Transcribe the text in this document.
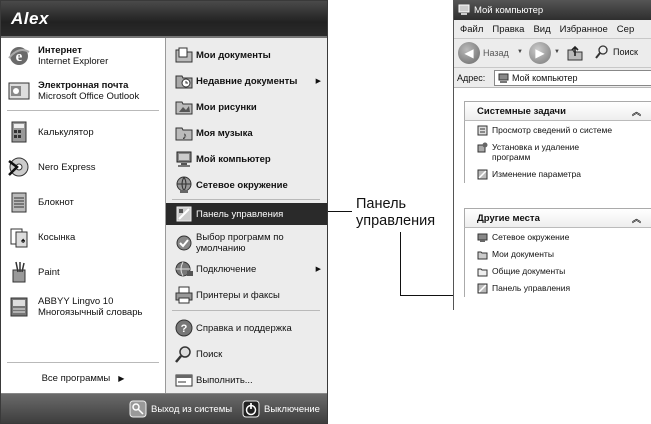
Alex
e Интернет
Internet Explorer
Электронная почта
Microsoft Office Outlook
Калькулятор
Nero Express
Блокнот
♠ Косынка
Paint
ABBYY Lingvo 10
Многоязычный словарь
Все программы ▶
Мои документы
Недавние документы	▶
Мои рисунки
♪ Моя музыка
Мой компьютер
Сетевое окружение
Панель управления
Выбор программ по
умолчанию
Подключение	▶
Принтеры и факсы
? Справка и поддержка
Поиск
Выполнить...
Выход из системы	Выключение
Панель
управления
Мой компьютер
Файл Правка Вид Избранное Сер
◀ Назад ▼ ▶ ▼	Поиск
Адрес:	Мой компьютер
Системные задачи	︽
Просмотр сведений о системе
Установка и удаление
программ
Изменение параметра
Другие места	︽
Сетевое окружение
Мои документы
Общие документы
Панель управления
